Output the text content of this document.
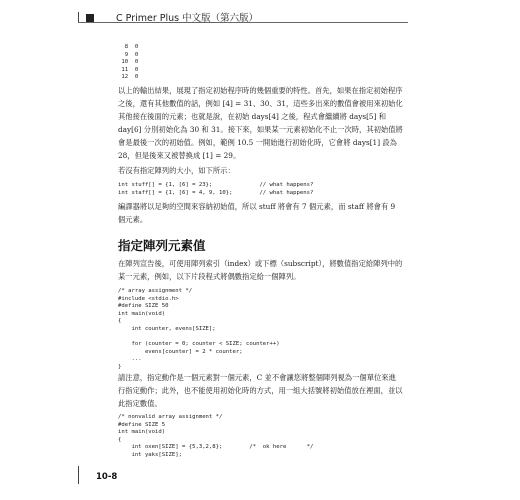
C Primer Plus 中文版（第六版）
8  0
9  0
10  0
11  0
12  0

以上的輸出結果，展現了指定初始程序時的幾個重要的特性。首先，如果在指定初始程序之後，還有其他數值的話，例如 [4] = 31、30、31，這些多出來的數值會被用來初始化其他接在後面的元素；也就是說，在初始 days[4] 之後，程式會繼續將 days[5] 和 day[6] 分別初始化為 30 和 31。接下來，如果某一元素初始化不止一次時，其初始值將會是最後一次的初始值。例如，範例 10.5 一開始進行初始化時，它會將 days[1] 設為 28，但是後來又被替換成 [1] = 29。

若沒有指定陣列的大小，如下所示：

int stuff[] = {1, [6] = 23};              // what happens?
int staff[] = {1, [6] = 4, 9, 10};        // what happens?

編譯器將以足夠的空間來容納初始值，所以 stuff 將會有 7 個元素，而 staff 將會有 9 個元素。

指定陣列元素值

在陣列宣告後，可使用陣列索引（index）或下標（subscript），將數值指定給陣列中的某一元素，例如，以下片段程式將偶數指定給一個陣列。

/* array assignment */
#include <stdio.h>
#define SIZE 50
int main(void)
{
int counter, evens[SIZE];

for (counter = 0; counter < SIZE; counter++)
evens[counter] = 2 * counter;
...
}

請注意，指定動作是一個元素對一個元素，C 並不會讓您將整個陣列視為一個單位來進行指定動作；此外，也不能使用初始化時的方式，用一組大括號將初始值放在裡面，並以此指定數值。

/* nonvalid array assignment */
#define SIZE 5
int main(void)
{
int oxen[SIZE] = {5,3,2,8};        /*  ok here      */
int yaks[SIZE];
10-8
